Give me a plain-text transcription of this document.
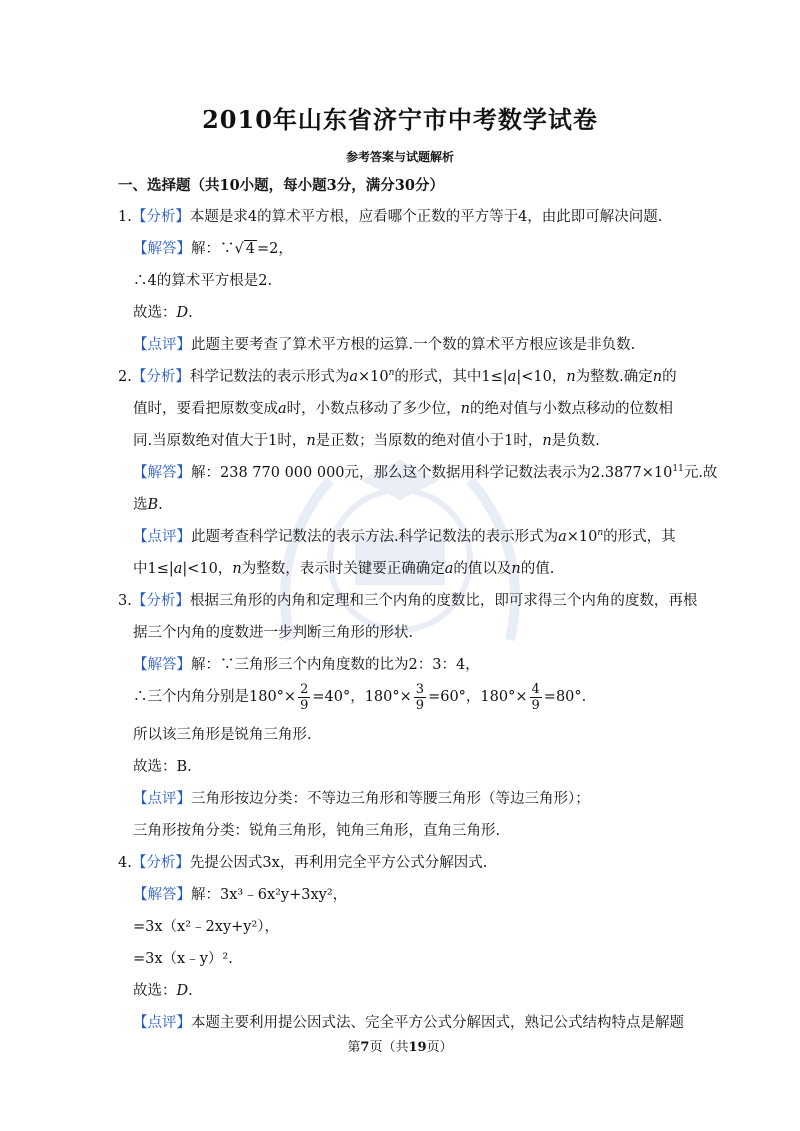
2010年山东省济宁市中考数学试卷
参考答案与试题解析
一、选择题（共10小题，每小题3分，满分30分）
1.【分析】本题是求4的算术平方根，应看哪个正数的平方等于4，由此即可解决问题.
【解答】解：∵√ 4 =2，
∴4的算术平方根是2.
故选：D.
【点评】此题主要考查了算术平方根的运算.一个数的算术平方根应该是非负数.
2.【分析】科学记数法的表示形式为$a\times 10^n$的形式，其中1≤|a|<10，n为整数.确定n的
值时，要看把原数变成a时，小数点移动了多少位，n的绝对值与小数点移动的位数相
同.当原数绝对值大于1时，n是正数；当原数的绝对值小于1时，n是负数.
【解答】解：238 770 000 000元，那么这个数据用科学记数法表示为$2.3877\times 10^{11}$元.故
选B.
【点评】此题考查科学记数法的表示方法.科学记数法的表示形式为$a\times 10^n$的形式，其
中1≤|a|<10，n为整数，表示时关键要正确确定a的值以及n的值.
3.【分析】根据三角形的内角和定理和三个内角的度数比，即可求得三个内角的度数，再根
据三个内角的度数进一步判断三角形的形状.
【解答】解：∵三角形三个内角度数的比为2：3：4，
∴三个内角分别是$180^\circ\times \frac{2}{9} =40^\circ$，$180^\circ\times \frac{3}{9} =60^\circ$，$180^\circ\times \frac{4}{9} =80^\circ$.
所以该三角形是锐角三角形.
故选：B.
【点评】三角形按边分类：不等边三角形和等腰三角形（等边三角形）；
三角形按角分类：锐角三角形，钝角三角形，直角三角形.
4.【分析】先提公因式3x，再利用完全平方公式分解因式.
【解答】解：3x³﹣6x²y+3xy²，
=3x（x²﹣2xy+y²），
=3x（x﹣y）².
故选：D.
【点评】本题主要利用提公因式法、完全平方公式分解因式，熟记公式结构特点是解题
第7页（共19页）
